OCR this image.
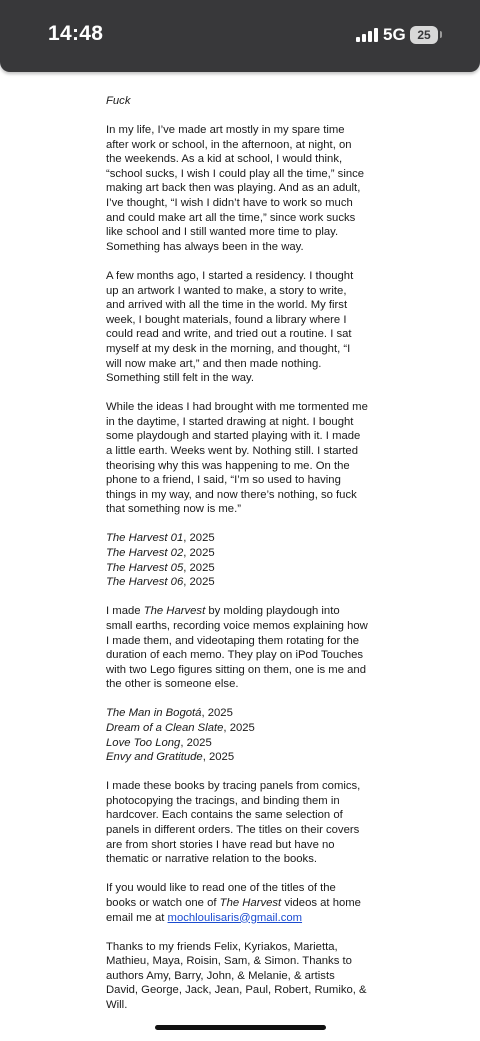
14:48	5G 25

Fuck

In my life, I’ve made art mostly in my spare time after work or school, in the afternoon, at night, on the weekends. As a kid at school, I would think, “school sucks, I wish I could play all the time,” since making art back then was playing. And as an adult, I’ve thought, “I wish I didn’t have to work so much and could make art all the time,” since work sucks like school and I still wanted more time to play. Something has always been in the way.

A few months ago, I started a residency. I thought up an artwork I wanted to make, a story to write, and arrived with all the time in the world. My first week, I bought materials, found a library where I could read and write, and tried out a routine. I sat myself at my desk in the morning, and thought, “I will now make art,” and then made nothing. Something still felt in the way.

While the ideas I had brought with me tormented me in the daytime, I started drawing at night. I bought some playdough and started playing with it. I made a little earth. Weeks went by. Nothing still. I started theorising why this was happening to me. On the phone to a friend, I said, “I’m so used to having things in my way, and now there’s nothing, so fuck that something now is me.”

The Harvest 01, 2025
The Harvest 02, 2025
The Harvest 05, 2025
The Harvest 06, 2025

I made The Harvest by molding playdough into small earths, recording voice memos explaining how I made them, and videotaping them rotating for the duration of each memo. They play on iPod Touches with two Lego figures sitting on them, one is me and the other is someone else.

The Man in Bogotá, 2025
Dream of a Clean Slate, 2025
Love Too Long, 2025
Envy and Gratitude, 2025

I made these books by tracing panels from comics, photocopying the tracings, and binding them in hardcover. Each contains the same selection of panels in different orders. The titles on their covers are from short stories I have read but have no thematic or narrative relation to the books.

If you would like to read one of the titles of the books or watch one of The Harvest videos at home email me at mochloulisaris@gmail.com

Thanks to my friends Felix, Kyriakos, Marietta, Mathieu, Maya, Roisin, Sam, & Simon. Thanks to authors Amy, Barry, John, & Melanie, & artists David, George, Jack, Jean, Paul, Robert, Rumiko, & Will.
